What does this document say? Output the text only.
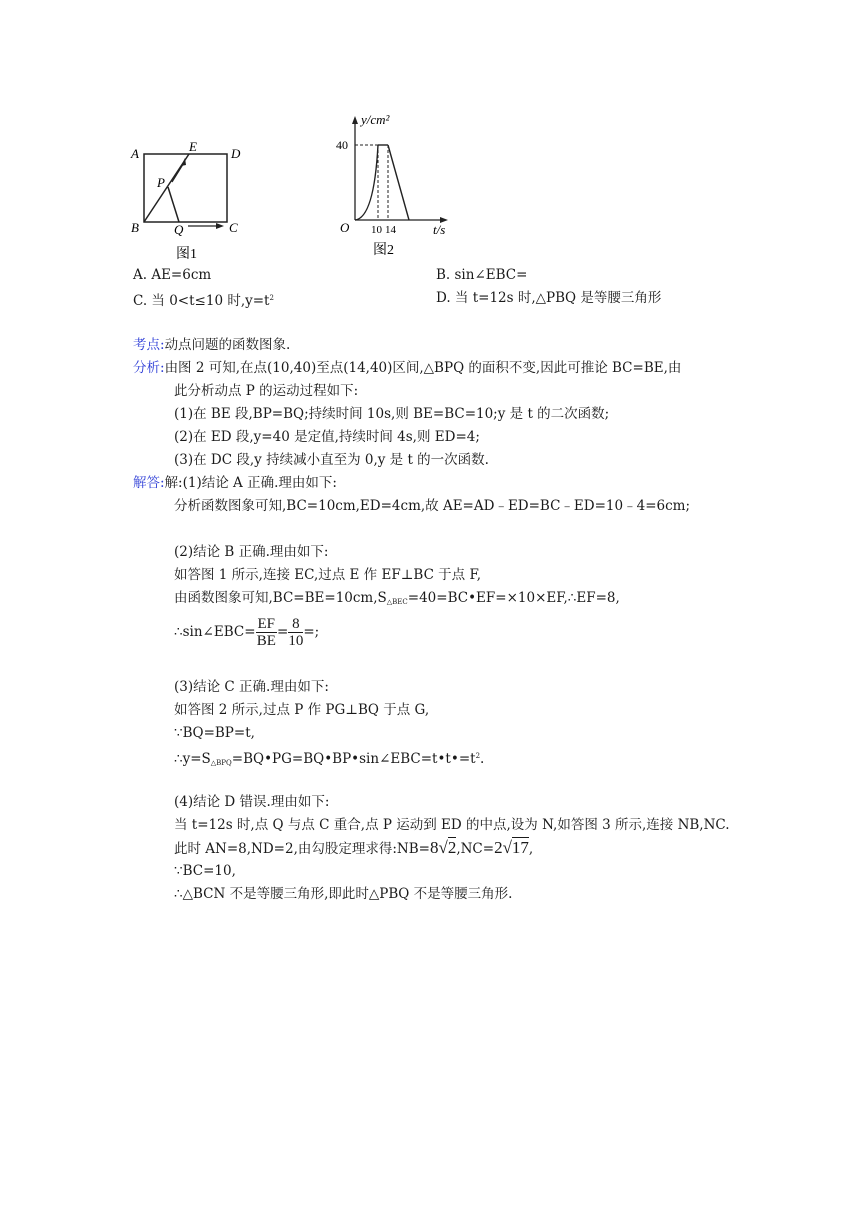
A	E	D
P
B	Q	C
图1
y/cm²
40
O 10 14	t/s
图2
A. AE=6cm	B. sin∠EBC=
C. 当 0<t≤10 时$,y=t^2$	D. 当 t=12s 时,△PBQ 是等腰三角形
考点:动点问题的函数图象.
分析:由图 2 可知,在点(10,40)至点(14,40)区间,△BPQ 的面积不变,因此可推论 BC=BE,由
此分析动点 P 的运动过程如下:
(1)在 BE 段,BP=BQ;持续时间 10s,则 BE=BC=10;y 是 t 的二次函数;
(2)在 ED 段,y=40 是定值,持续时间 4s,则 ED=4;
(3)在 DC 段,y 持续减小直至为 0,y 是 t 的一次函数.
解答:解:(1)结论 A 正确.理由如下:
分析函数图象可知,BC=10cm,ED=4cm,故 AE=AD﹣ED=BC﹣ED=10﹣4=6cm;
(2)结论 B 正确.理由如下:
如答图 1 所示,连接 EC,过点 E 作 EF⊥BC 于点 F,
由函数图象可知$,BC=BE=10cm,S_{\triangle BEC}=40=BC•EF=\times 10\times EF,\therefore EF=8$,
∴sin∠EBC= $\frac{EF}{BE} = \frac{8}{10}$ =;
(3)结论 C 正确.理由如下:
如答图 2 所示,过点 P 作 PG⊥BQ 于点 G,
∵BQ=BP=t,
$\therefore y=S_{\triangle BPQ}=BQ•PG=BQ•BP•\sin\angle EBC=t•t•=t^2$.
(4)结论 D 错误.理由如下:
当 t=12s 时,点 Q 与点 C 重合,点 P 运动到 ED 的中点,设为 N,如答图 3 所示,连接 NB,NC.
此时 AN=8,ND=2,由勾股定理求得:NB=8√2,NC=2√17,
∵BC=10,
∴△BCN 不是等腰三角形,即此时△PBQ 不是等腰三角形.
